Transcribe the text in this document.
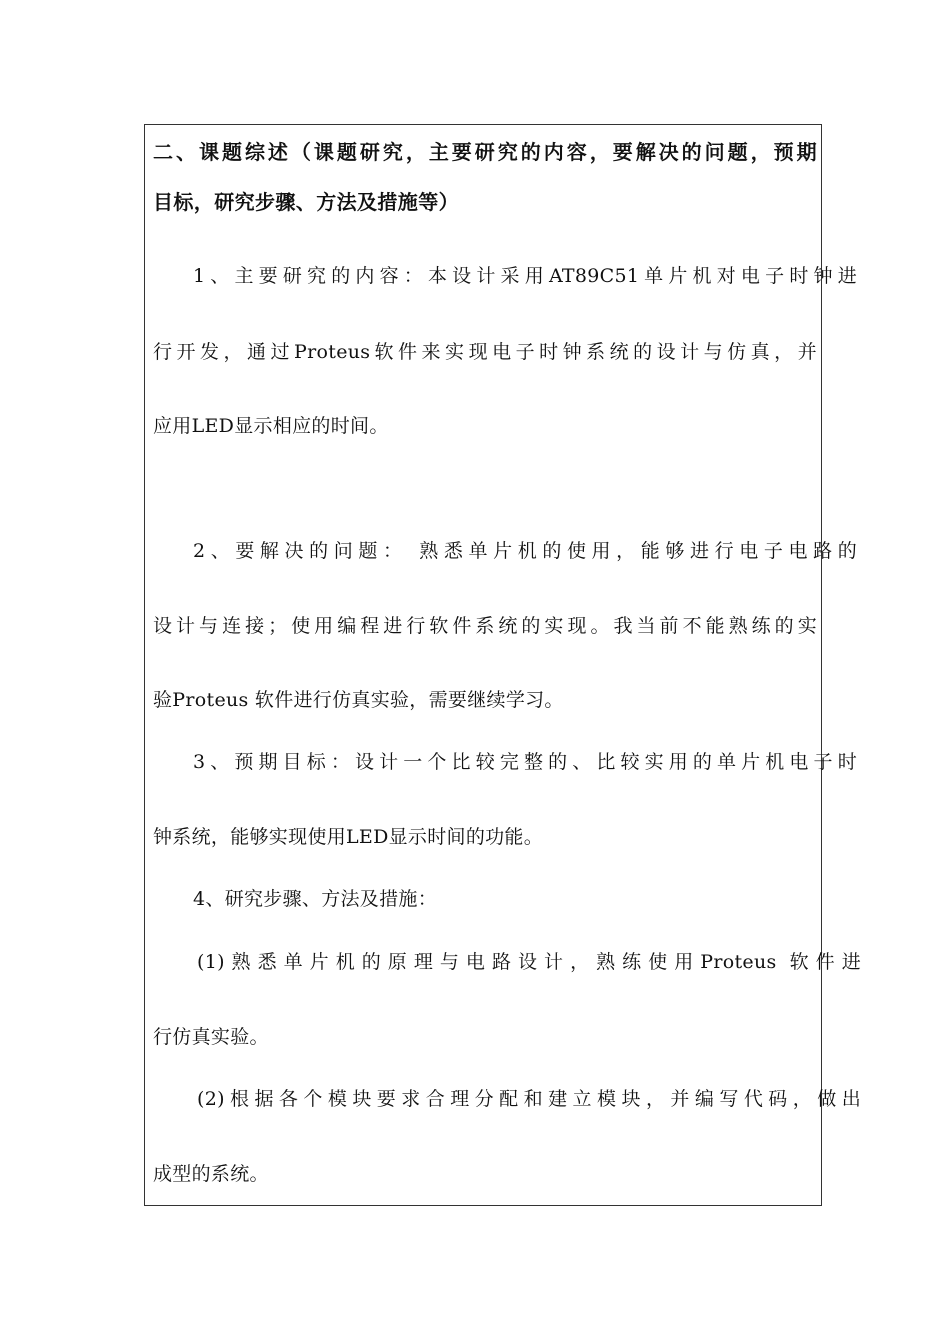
二、课题综述（课题研究，主要研究的内容，要解决的问题，预期
目标，研究步骤、方法及措施等）
1、主要研究的内容：本设计采用AT89C51单片机对电子时钟进
行开发，通过Proteus软件来实现电子时钟系统的设计与仿真，并
应用LED显示相应的时间。
2、要解决的问题： 熟悉单片机的使用，能够进行电子电路的
设计与连接；使用编程进行软件系统的实现。我当前不能熟练的实
验Proteus 软件进行仿真实验，需要继续学习。
3、预期目标：设计一个比较完整的、比较实用的单片机电子时
钟系统，能够实现使用LED显示时间的功能。
4、研究步骤、方法及措施：
(1)熟悉单片机的原理与电路设计，熟练使用Proteus 软件进
行仿真实验。
(2)根据各个模块要求合理分配和建立模块，并编写代码，做出
成型的系统。
